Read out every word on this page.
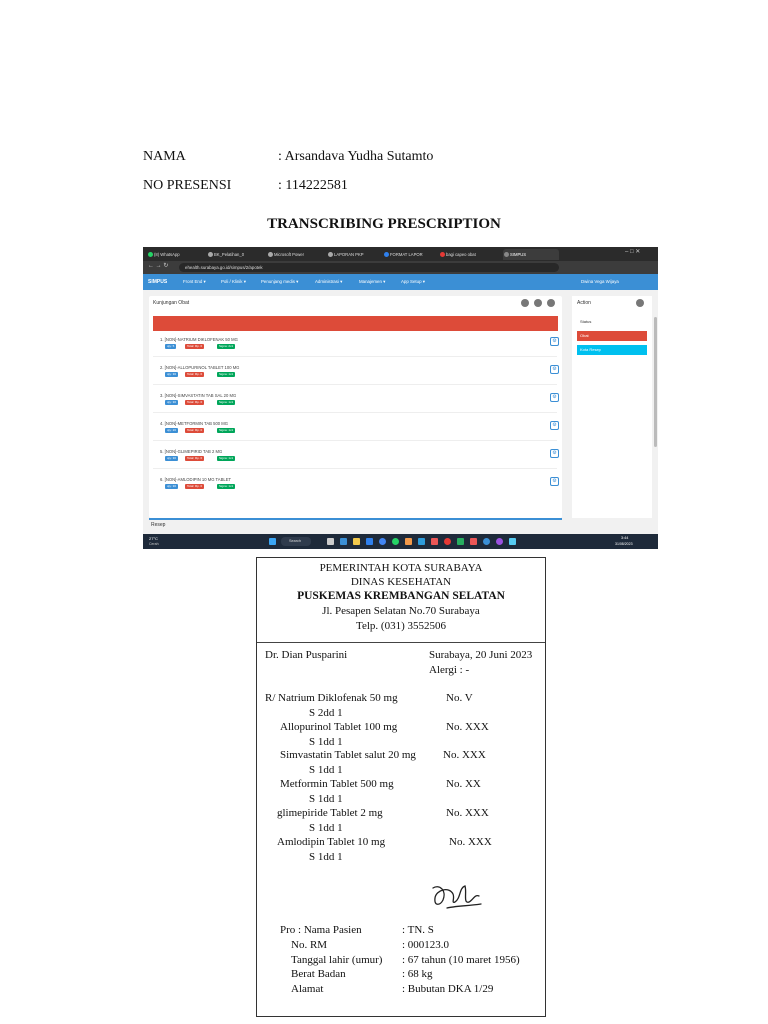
NAMA	: Arsandava Yudha Sutamto
NO PRESENSI	: 114222581
TRANSCRIBING PRESCRIPTION
(8) WhatsApp	BK_Pelatihan_0	Microsoft Power	LAPORAN PKP	FORMAT LAPOR	bagi capeo obat	SIMPUS	– □ ✕
← → ↻	ehealth.surabaya.go.id/simpus/2/apotek
SIMPUS	Front End ▾	Poli / Klinik ▾	Penunjang medis ▾	Administrasi ▾	Manajemen ▾	App Setup ▾	Dwina Vega Wijaya
Kunjungan Obat
1. [NON]-NATRIUM DIKLOFENAK 50 MG
qty: 5	Total: Rp. 0	Signa: 2x1
⚙
2. [NON]-ALLOPURINOL TABLET 100 MG
qty: 30	Total: Rp. 0	Signa: 1x1
⚙
3. [NON]-SIMVASTATIN TAB SAL 20 MG
qty: 30	Total: Rp. 0	Signa: 1x1
⚙
4. [NON]-METFORMIN TAB 500 MG
qty: 20	Total: Rp. 0	Signa: 1x1
⚙
5. [NON]-GLIMEPIRID TAB 2 MG
qty: 30	Total: Rp. 0	Signa: 1x1
⚙
6. [NON]-AMLODIPIN 10 MG TABLET
qty: 30	Total: Rp. 0	Signa: 1x1
⚙
Resep
Action
Status
Obat
Kota Resep
27°C
Cerah
Search
3:44
31/08/2023
PEMERINTAH KOTA SURABAYA
DINAS KESEHATAN
PUSKEMAS KREMBANGAN SELATAN
Jl. Pesapen Selatan No.70 Surabaya
Telp. (031) 3552506
Dr. Dian Pusparini	Surabaya, 20 Juni 2023
Alergi : -
R/ Natrium Diklofenak 50 mg	No. V
S 2dd 1
Allopurinol Tablet 100 mg	No. XXX
S 1dd 1
Simvastatin Tablet salut 20 mg No. XXX
S 1dd 1
Metformin Tablet 500 mg	No. XX
S 1dd 1
glimepiride Tablet 2 mg	No. XXX
S 1dd 1
Amlodipin Tablet 10 mg	No. XXX
S 1dd 1
Pro : Nama Pasien	: TN. S
No. RM	: 000123.0
Tanggal lahir (umur) : 67 tahun (10 maret 1956)
Berat Badan	: 68 kg
Alamat	: Bubutan DKA 1/29
